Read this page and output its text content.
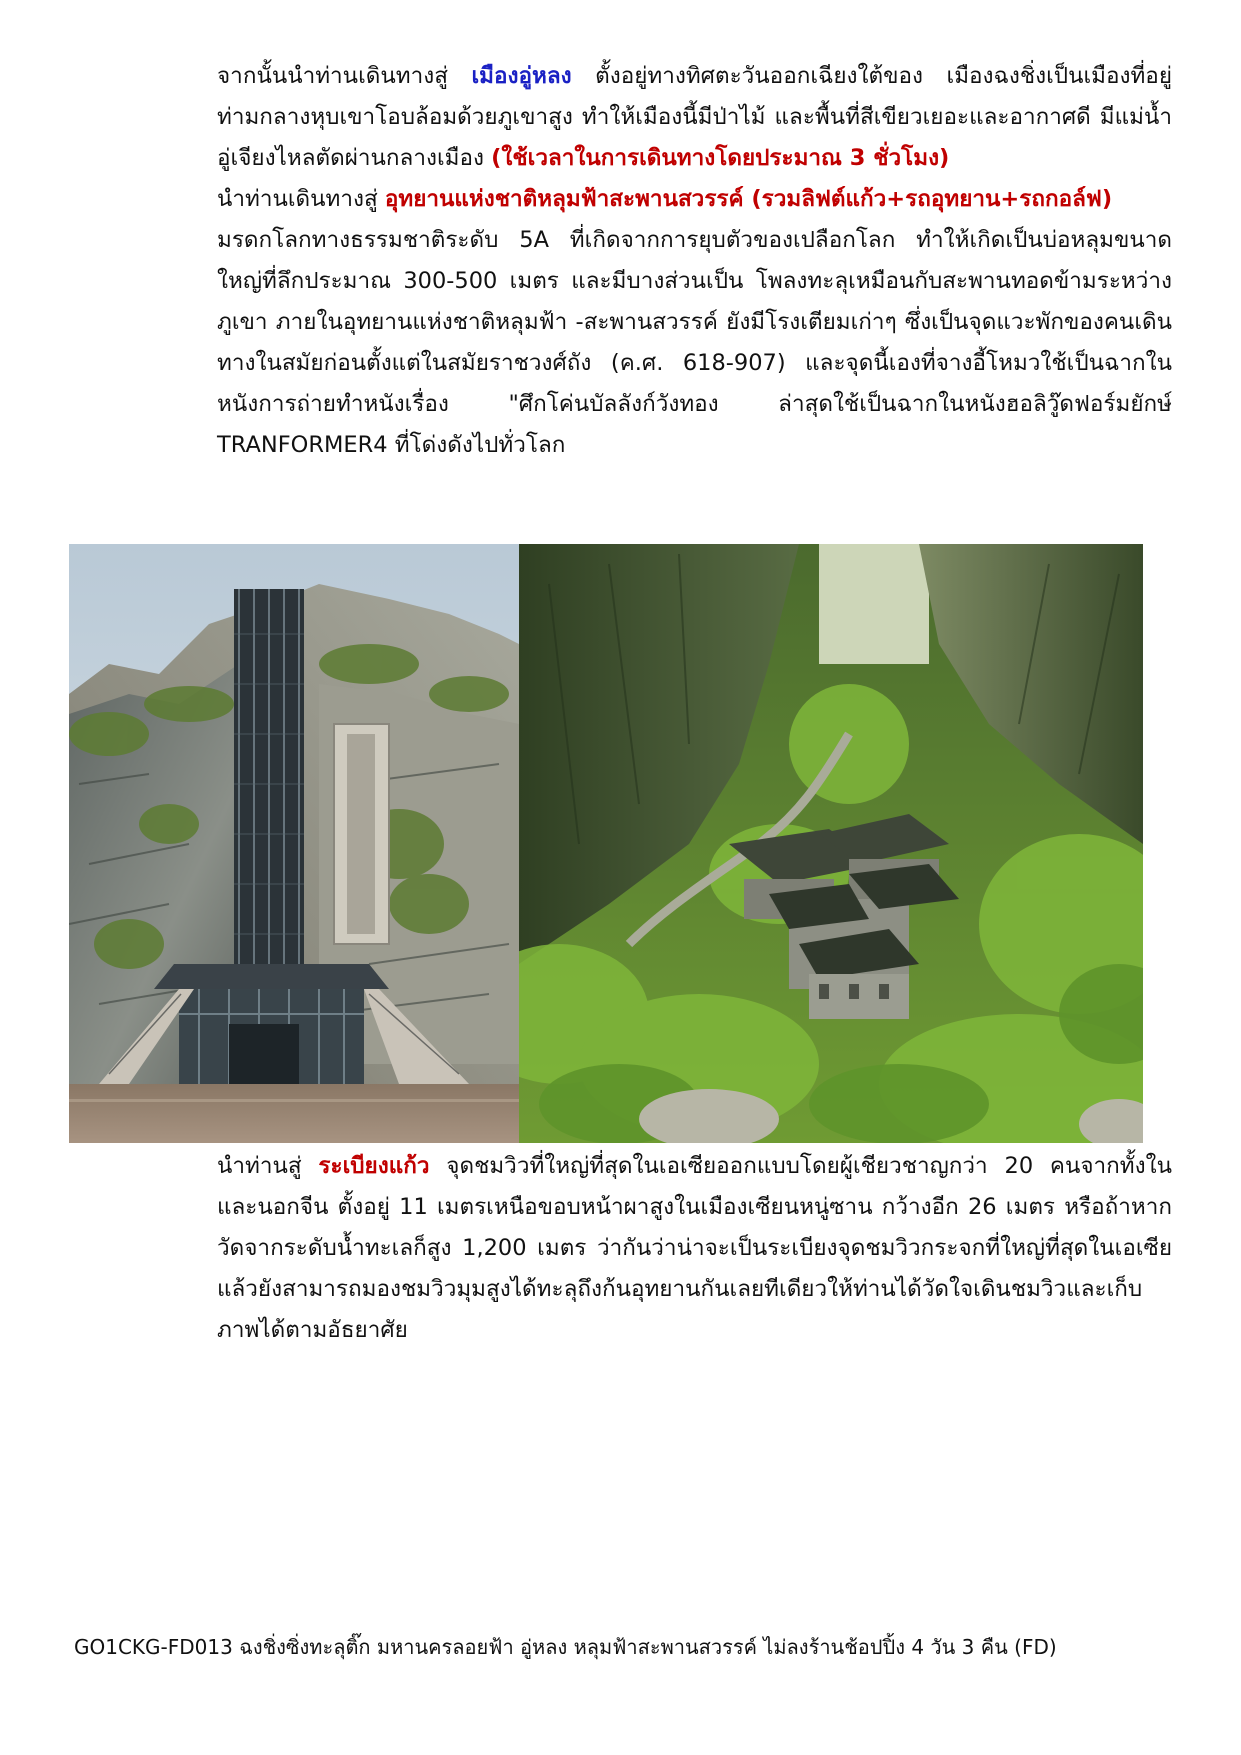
จากนั้นนำท่านเดินทางสู่ เมืองอู่หลง ตั้งอยู่ทางทิศตะวันออกเฉียงใต้ของ เมืองฉงชิ่งเป็นเมืองที่อยู่ท่ามกลางหุบเขาโอบล้อมด้วยภูเขาสูง ทำให้เมืองนี้มีป่าไม้ และพื้นที่สีเขียวเยอะและอากาศดี มีแม่น้ำอู่เจียงไหลตัดผ่านกลางเมือง (ใช้เวลาในการเดินทางโดยประมาณ 3 ชั่วโมง)
นำท่านเดินทางสู่ อุทยานแห่งชาติหลุมฟ้าสะพานสวรรค์ (รวมลิฟต์แก้ว+รถอุทยาน+รถกอล์ฟ)
มรดกโลกทางธรรมชาติระดับ 5A ที่เกิดจากการยุบตัวของเปลือกโลก ทำให้เกิดเป็นบ่อหลุมขนาดใหญ่ที่ลึกประมาณ 300-500 เมตร และมีบางส่วนเป็น โพลงทะลุเหมือนกับสะพานทอดข้ามระหว่างภูเขา ภายในอุทยานแห่งชาติหลุมฟ้า -สะพานสวรรค์ ยังมีโรงเตียมเก่าๆ ซึ่งเป็นจุดแวะพักของคนเดินทางในสมัยก่อนตั้งแต่ในสมัยราชวงศ์ถัง (ค.ศ. 618-907) และจุดนี้เองที่จางอี้โหมวใช้เป็นฉากในหนังการถ่ายทำหนังเรื่อง "ศึกโค่นบัลลังก์วังทอง ล่าสุดใช้เป็นฉากในหนังฮอลิวู๊ดฟอร์มยักษ์ TRANFORMER4 ที่โด่งดังไปทั่วโลก
นำท่านสู่ ระเบียงแก้ว จุดชมวิวที่ใหญ่ที่สุดในเอเซียออกแบบโดยผู้เชียวชาญกว่า 20 คนจากทั้งในและนอกจีน ตั้งอยู่ 11 เมตรเหนือขอบหน้าผาสูงในเมืองเซียนหนู่ซาน กว้างอีก 26 เมตร หรือถ้าหากวัดจากระดับน้ำทะเลก็สูง 1,200 เมตร ว่ากันว่าน่าจะเป็นระเบียงจุดชมวิวกระจกที่ใหญ่ที่สุดในเอเซียแล้วยังสามารถมองชมวิวมุมสูงได้ทะลุถึงก้นอุทยานกันเลยทีเดียวให้ท่านได้วัดใจเดินชมวิวและเก็บภาพได้ตามอัธยาศัย
GO1CKG-FD013 ฉงชิ่งซิ่งทะลุติ๊ก มหานครลอยฟ้า อู่หลง หลุมฟ้าสะพานสวรรค์ ไม่ลงร้านช้อปปิ้ง 4 วัน 3 คืน (FD)
